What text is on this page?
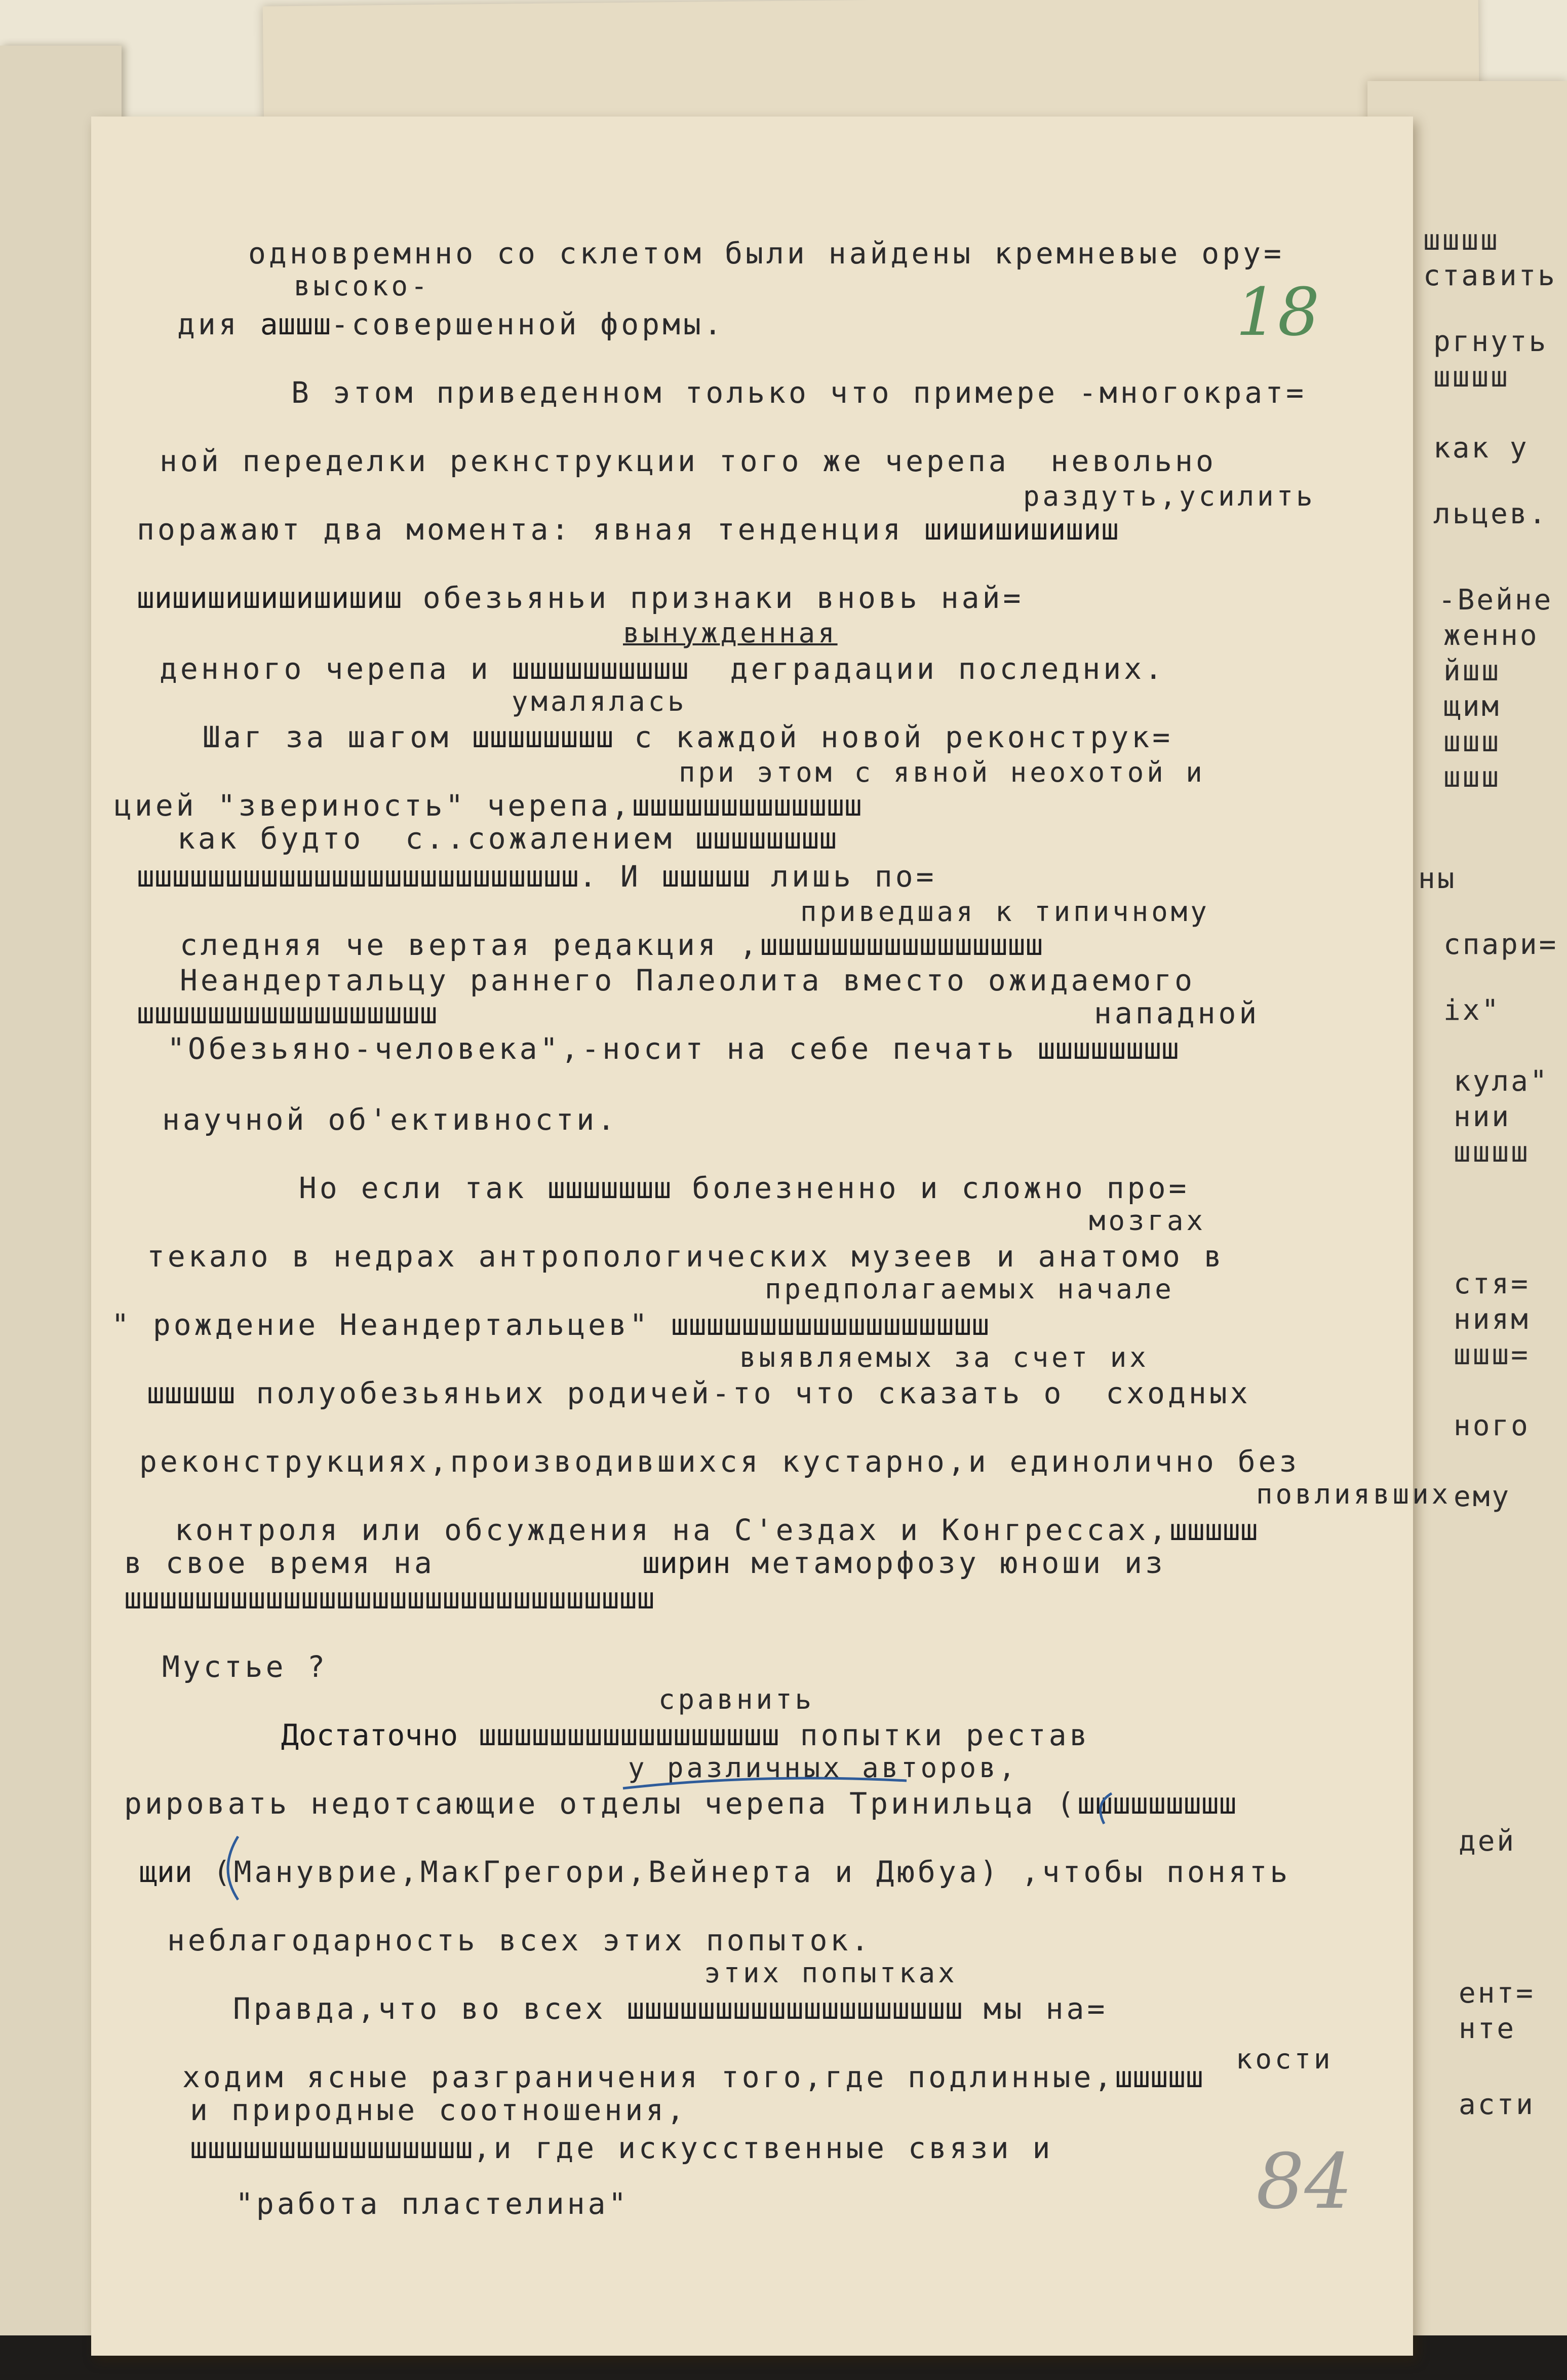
шшшш
ставить
ргнуть
шшшш
как у
льцев.
-Вейне
женно
йшш
щим
шшш
шшш
ны
спари=
ix"
кула"
нии
шшшш
стя=
ниям
шшш=
ного
ему
дей
ент=
нте
асти
18
84
одновремнно со склетом были найдены кремневые ору=
высоко-
дия ашшш-совершенной формы.
В этом приведенном только что примере -многократ=
ной переделки рекнструкции того же черепа  невольно
раздуть,усилить
поражают два момента: явная тенденция шишишишишиш
шишишишишишишиш обезьяньи признаки вновь най=
вынужденная
денного черепа и шшшшшшшшшш  деградации последних.
умалялась
Шаг за шагом шшшшшшшш с каждой новой реконструк=
при этом с явной неохотой и
цией "звериность" черепа,шшшшшшшшшшшшш
как будто  с..сожалением шшшшшшшш
шшшшшшшшшшшшшшшшшшшшшшшшш. И шшшшш лишь по=
приведшая к типичному
следняя че вертая редакция ,шшшшшшшшшшшшшшшш
Неандертальцу раннего Палеолита вместо ожидаемого
шшшшшшшшшшшшшшшшш	нападной
"Обезьяно-человека",-носит на себе печать шшшшшшшш
научной об'ективности.
Но если так шшшшшшш болезненно и сложно про=
мозгах
текало в недрах антропологических музеев и анатомо в
предполагаемых начале
" рождение Неандертальцев" шшшшшшшшшшшшшшшшшш
выявляемых за счет их
шшшшш полуобезьяньих родичей-то что сказать о  сходных
реконструкциях,производившихся кустарно,и единолично без
повлиявших
контроля или обсуждения на С'ездах и Конгрессах,шшшшш
в свое время на          ширин метаморфозу юноши из
шшшшшшшшшшшшшшшшшшшшшшшшшшшшшш
Мустье ?
сравнить
Достаточно шшшшшшшшшшшшшшшшш попытки рестав
у различных авторов,
рировать недотсающие отделы черепа Тринильца (шшшшшшшшш
щии (Мануврие,МакГрегори,Вейнерта и Дюбуа) ,чтобы понять
неблагодарность всех этих попыток.
этих попытках
Правда,что во всех шшшшшшшшшшшшшшшшшшш мы на=
кости
ходим ясные разграничения того,где подлинные,шшшшш
и природные соотношения,
шшшшшшшшшшшшшшшш,и где искусственные связи и
"работа пластелина"
